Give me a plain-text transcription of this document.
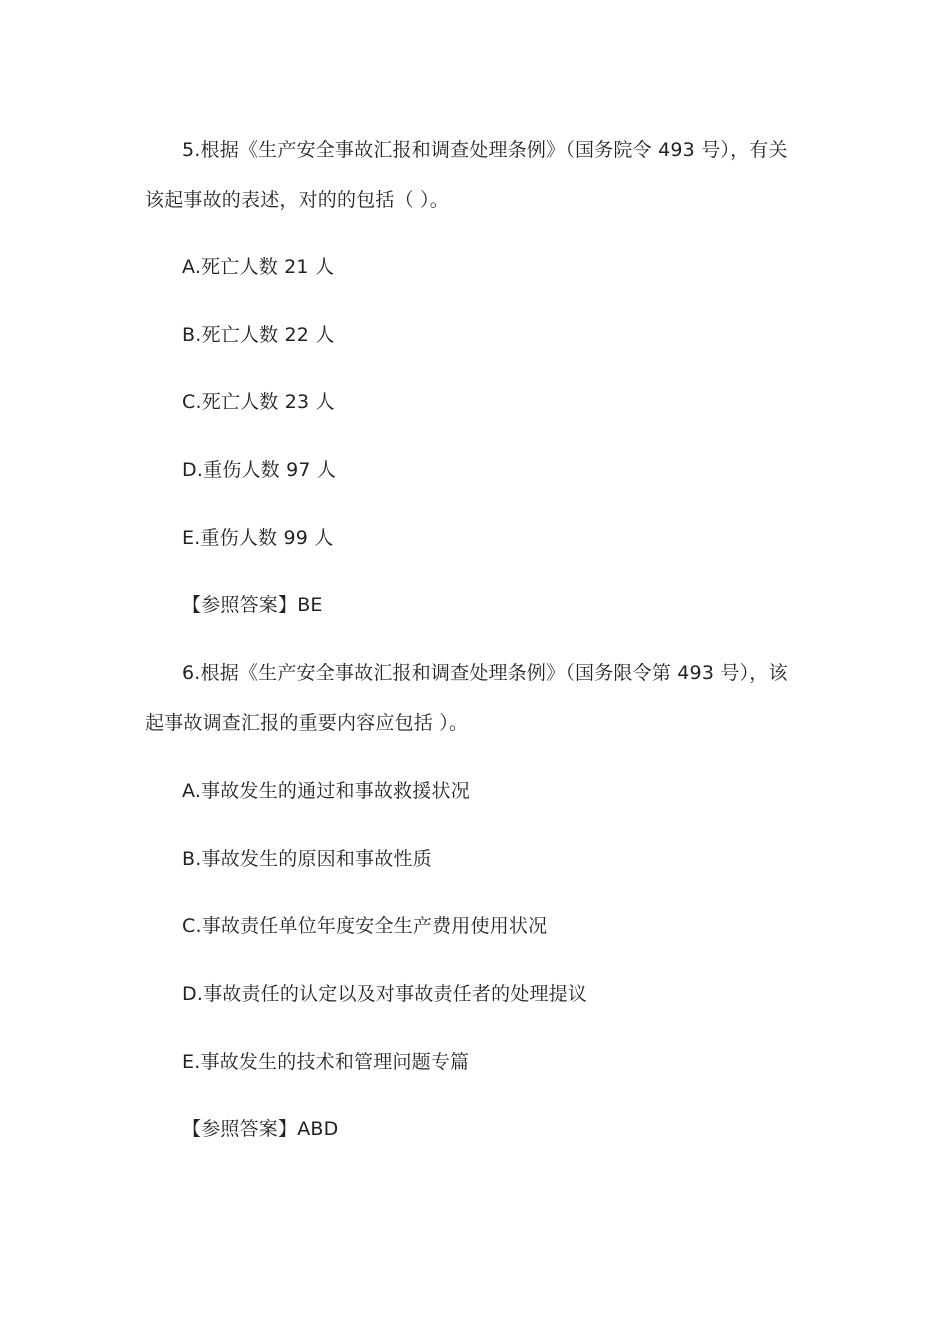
5.根据《生产安全事故汇报和调查处理条例》（国务院令 493 号），有关
该起事故的表述，对的的包括（ ）。
A.死亡人数 21 人
B.死亡人数 22 人
C.死亡人数 23 人
D.重伤人数 97 人
E.重伤人数 99 人
【参照答案】BE
6.根据《生产安全事故汇报和调查处理条例》（国务限令第 493 号），该
起事故调查汇报的重要内容应包括 ）。
A.事故发生的通过和事故救援状况
B.事故发生的原因和事故性质
C.事故责任单位年度安全生产费用使用状况
D.事故责任的认定以及对事故责任者的处理提议
E.事故发生的技术和管理问题专篇
【参照答案】ABD
